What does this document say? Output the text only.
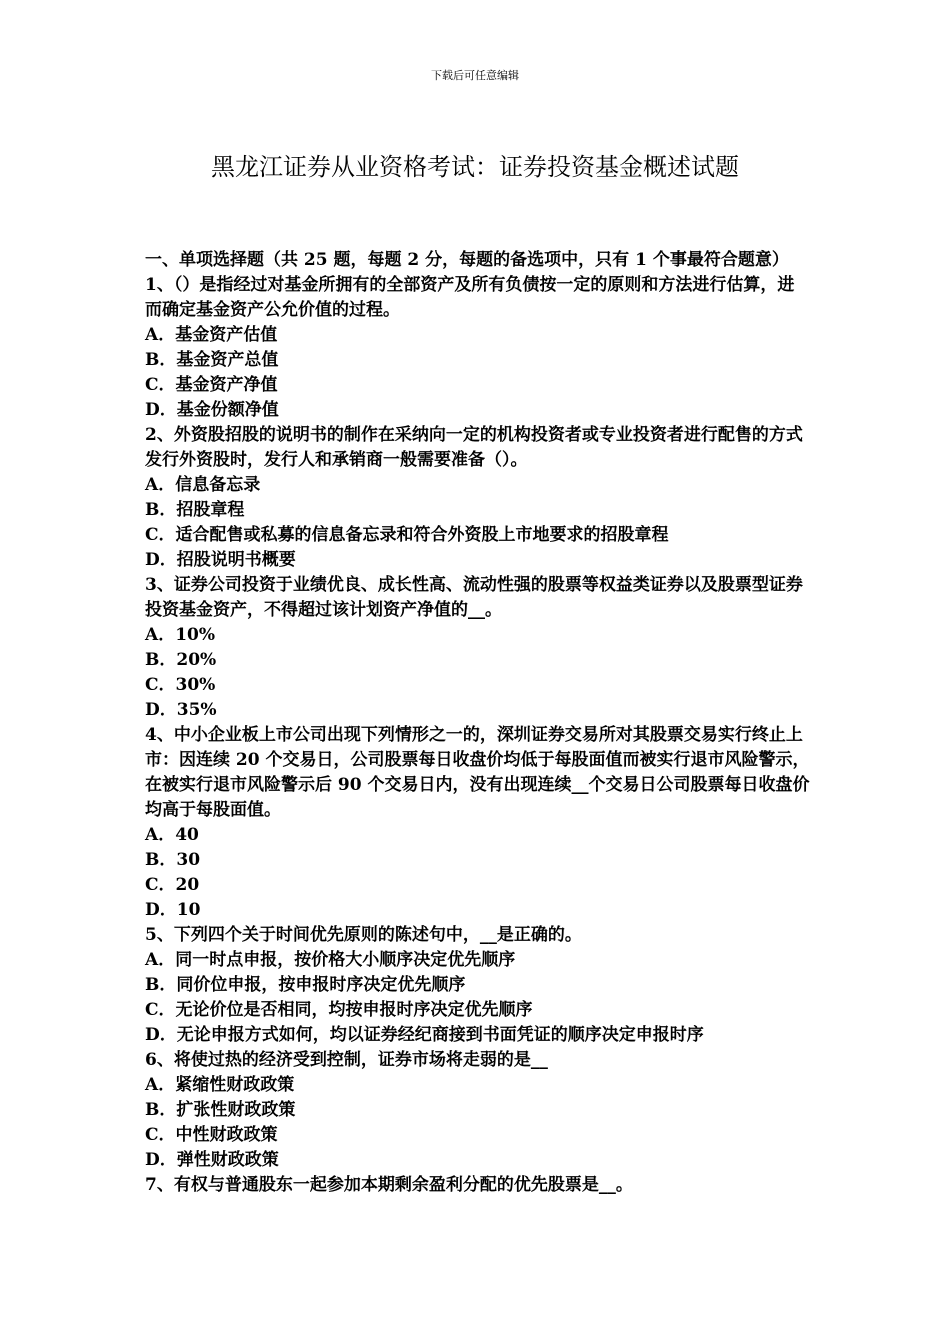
下载后可任意编辑
黑龙江证券从业资格考试：证券投资基金概述试题
一、单项选择题（共 25 题，每题 2 分，每题的备选项中，只有 1 个事最符合题意）
1、（）是指经过对基金所拥有的全部资产及所有负债按一定的原则和方法进行估算，进而确定基金资产公允价值的过程。
A．基金资产估值
B．基金资产总值
C．基金资产净值
D．基金份额净值
2、外资股招股的说明书的制作在采纳向一定的机构投资者或专业投资者进行配售的方式发行外资股时，发行人和承销商一般需要准备（）。
A．信息备忘录
B．招股章程
C．适合配售或私募的信息备忘录和符合外资股上市地要求的招股章程
D．招股说明书概要
3、证券公司投资于业绩优良、成长性高、流动性强的股票等权益类证券以及股票型证券投资基金资产，不得超过该计划资产净值的__。
A．10%
B．20%
C．30%
D．35%
4、中小企业板上市公司出现下列情形之一的，深圳证券交易所对其股票交易实行终止上市：因连续 20 个交易日，公司股票每日收盘价均低于每股面值而被实行退市风险警示，在被实行退市风险警示后 90 个交易日内，没有出现连续__个交易日公司股票每日收盘价均高于每股面值。
A．40
B．30
C．20
D．10
5、下列四个关于时间优先原则的陈述句中，__是正确的。
A．同一时点申报，按价格大小顺序决定优先顺序
B．同价位申报，按申报时序决定优先顺序
C．无论价位是否相同，均按申报时序决定优先顺序
D．无论申报方式如何，均以证券经纪商接到书面凭证的顺序决定申报时序
6、将使过热的经济受到控制，证券市场将走弱的是__
A．紧缩性财政政策
B．扩张性财政政策
C．中性财政政策
D．弹性财政政策
7、有权与普通股东一起参加本期剩余盈利分配的优先股票是__。
